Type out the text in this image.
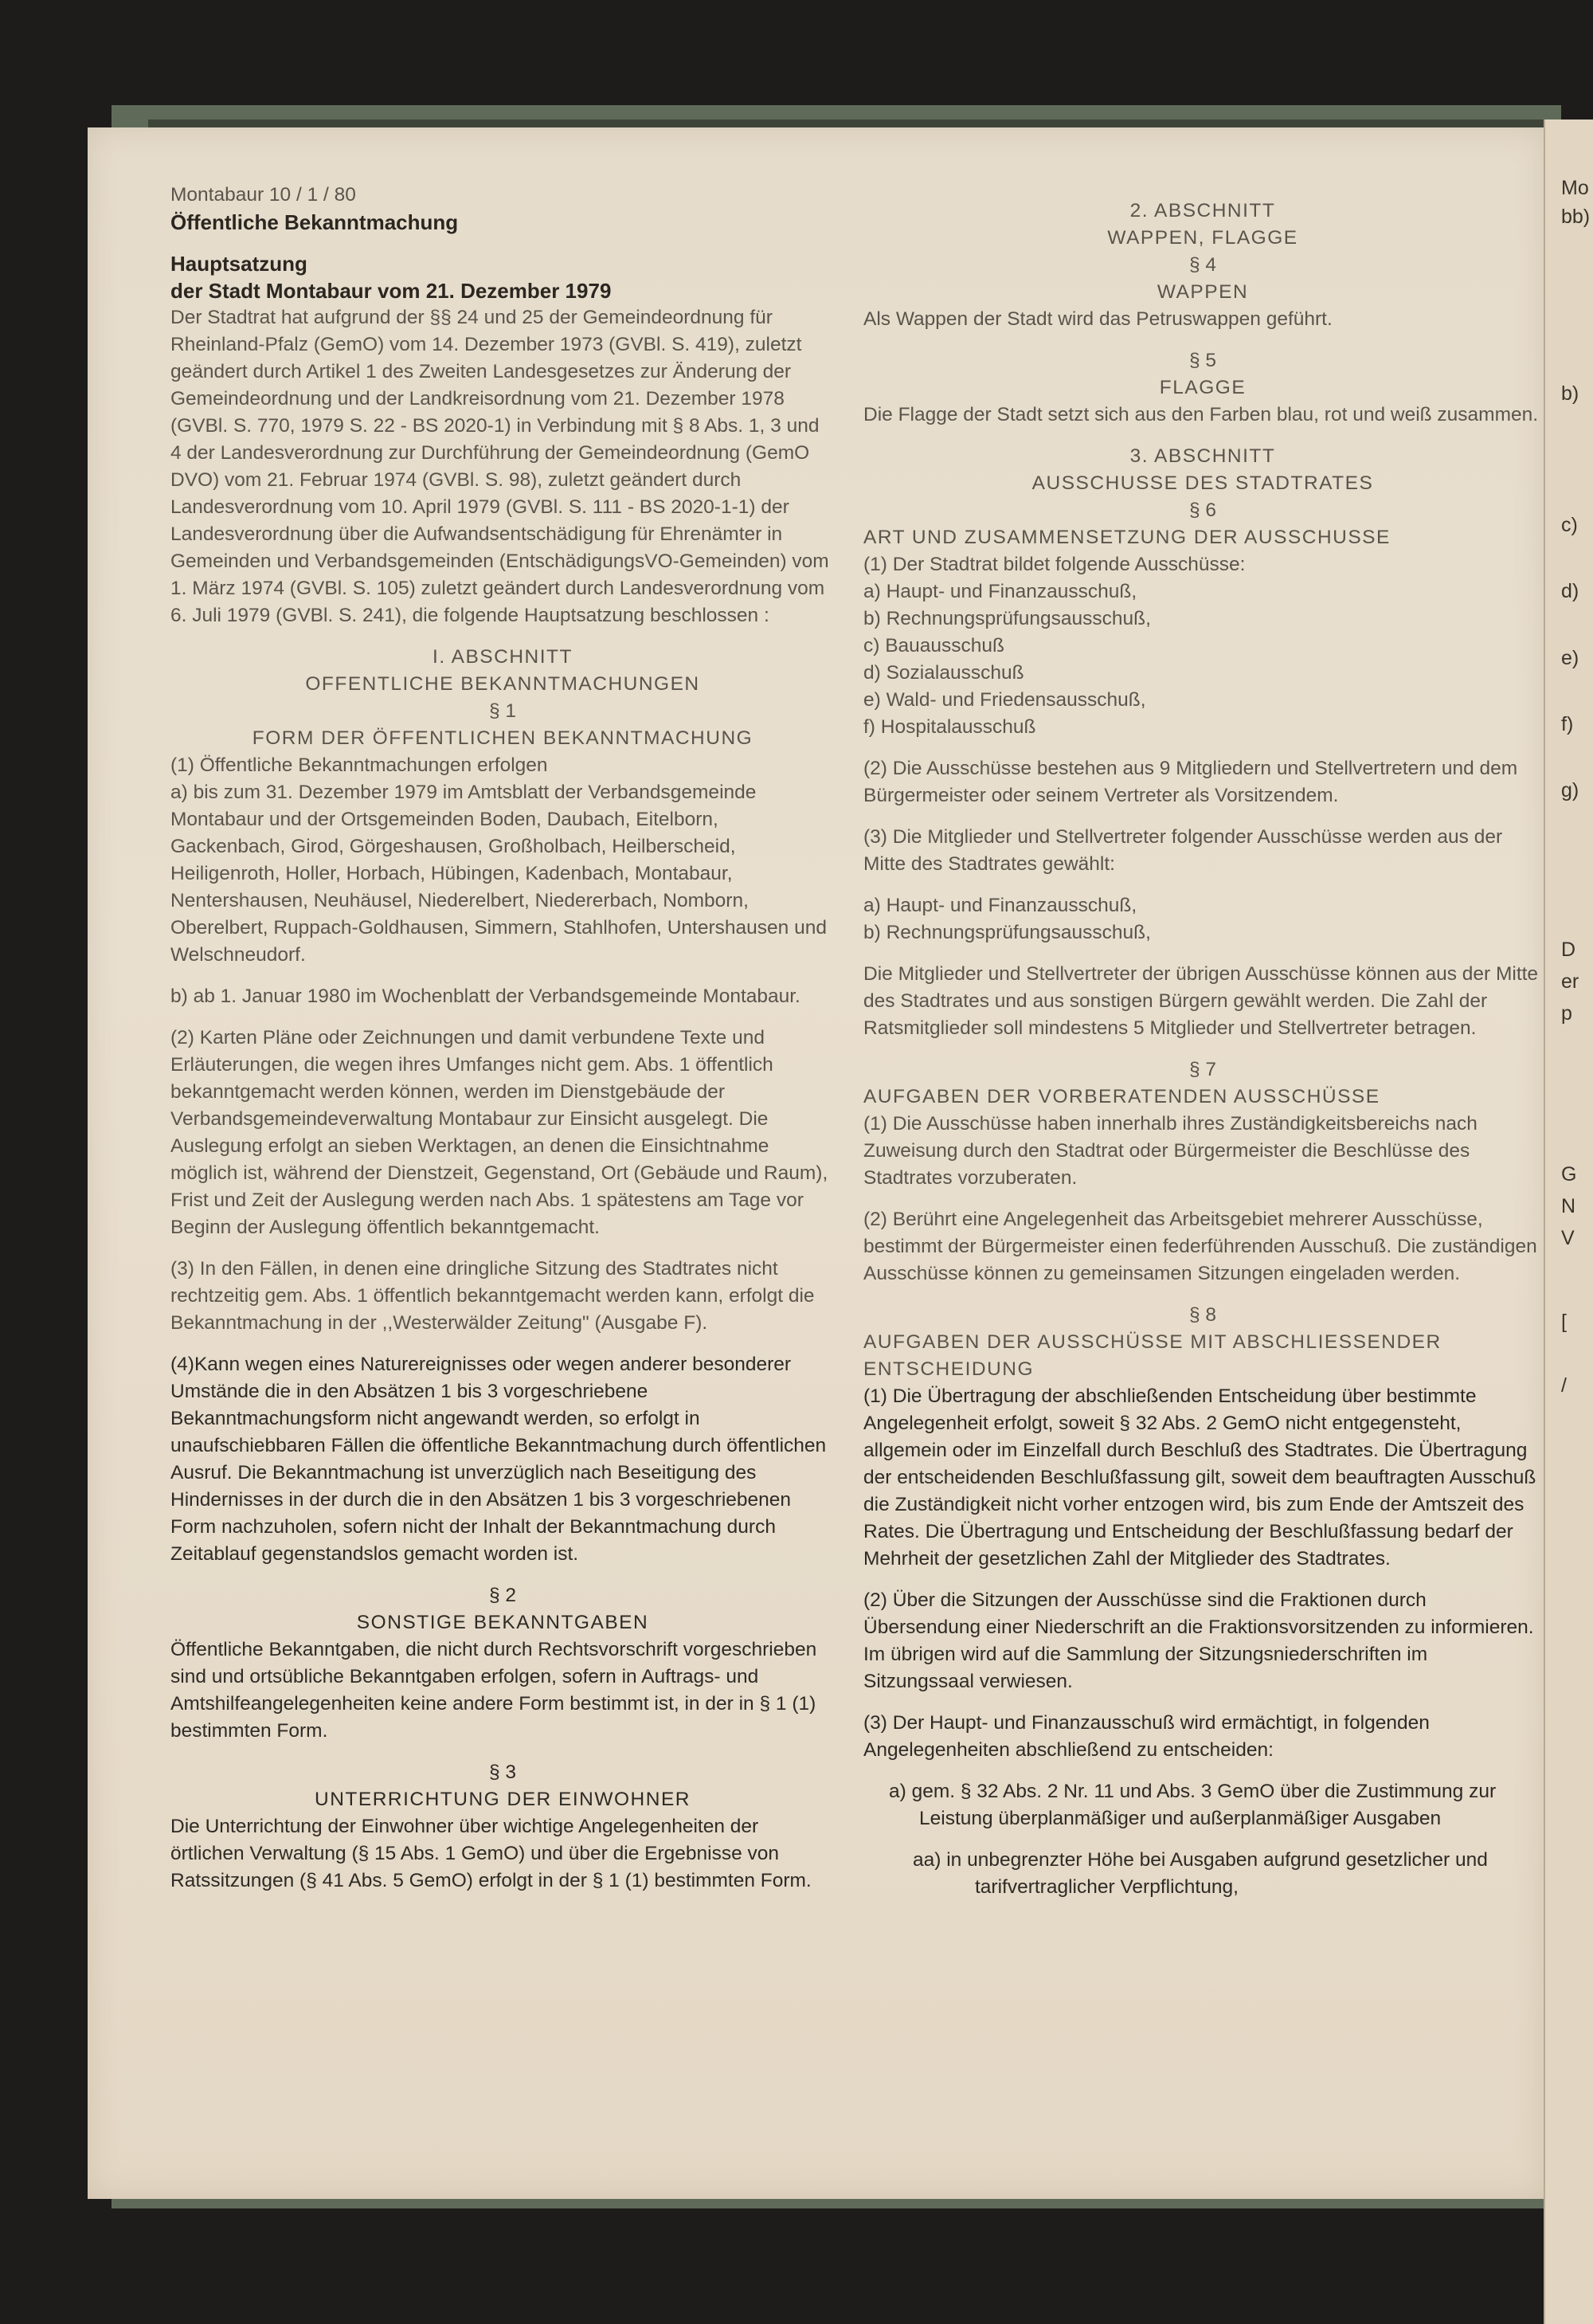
Mo
bb)
b)
c)
d)
e)
f)
g)
D
er
p
G
N
V
[
/

Montabaur 10 / 1 / 80

Öffentliche Bekanntmachung

Hauptsatzung

der Stadt Montabaur vom 21. Dezember 1979

Der Stadtrat hat aufgrund der §§ 24 und 25 der Gemeindeordnung für Rheinland-Pfalz (GemO) vom 14. Dezember 1973 (GVBl. S. 419), zuletzt geändert durch Artikel 1 des Zweiten Landesgesetzes zur Änderung der Gemeindeordnung und der Landkreisordnung vom 21. Dezember 1978 (GVBl. S. 770, 1979 S. 22 - BS 2020-1) in Verbindung mit § 8 Abs. 1, 3 und 4 der Landesverordnung zur Durchführung der Gemeindeordnung (GemO DVO) vom 21. Februar 1974 (GVBl. S. 98), zuletzt geändert durch Landesverordnung vom 10. April 1979 (GVBl. S. 111 - BS 2020-1-1) der Landesverordnung über die Aufwandsentschädigung für Ehrenämter in Gemeinden und Verbandsgemeinden (EntschädigungsVO-Gemeinden) vom 1. März 1974 (GVBl. S. 105) zuletzt geändert durch Landesverordnung vom 6. Juli 1979 (GVBl. S. 241), die folgende Hauptsatzung beschlossen :

I. ABSCHNITT

OFFENTLICHE BEKANNTMACHUNGEN

§ 1

FORM DER ÖFFENTLICHEN BEKANNTMACHUNG

(1) Öffentliche Bekanntmachungen erfolgen

a) bis zum 31. Dezember 1979 im Amtsblatt der Verbandsgemeinde Montabaur und der Ortsgemeinden Boden, Daubach, Eitelborn, Gackenbach, Girod, Görgeshausen, Großholbach, Heilberscheid, Heiligenroth, Holler, Horbach, Hübingen, Kadenbach, Montabaur, Nentershausen, Neuhäusel, Niederelbert, Niedererbach, Nomborn, Oberelbert, Ruppach-Goldhausen, Simmern, Stahlhofen, Untershausen und Welschneudorf.

b) ab 1. Januar 1980 im Wochenblatt der Verbandsgemeinde Montabaur.

(2) Karten Pläne oder Zeichnungen und damit verbundene Texte und Erläuterungen, die wegen ihres Umfanges nicht gem. Abs. 1 öffentlich bekanntgemacht werden können, werden im Dienstgebäude der Verbandsgemeindeverwaltung Montabaur zur Einsicht ausgelegt. Die Auslegung erfolgt an sieben Werktagen, an denen die Einsichtnahme möglich ist, während der Dienstzeit, Gegenstand, Ort (Gebäude und Raum), Frist und Zeit der Auslegung werden nach Abs. 1 spätestens am Tage vor Beginn der Auslegung öffentlich bekanntgemacht.

(3) In den Fällen, in denen eine dringliche Sitzung des Stadtrates nicht rechtzeitig gem. Abs. 1 öffentlich bekanntgemacht werden kann, erfolgt die Bekanntmachung in der ,,Westerwälder Zeitung" (Ausgabe F).

(4)Kann wegen eines Naturereignisses oder wegen anderer besonderer Umstände die in den Absätzen 1 bis 3 vorgeschriebene Bekanntmachungsform nicht angewandt werden, so erfolgt in unaufschiebbaren Fällen die öffentliche Bekanntmachung durch öffentlichen Ausruf. Die Bekanntmachung ist unverzüglich nach Beseitigung des Hindernisses in der durch die in den Absätzen 1 bis 3 vorgeschriebenen Form nachzuholen, sofern nicht der Inhalt der Bekanntmachung durch Zeitablauf gegenstandslos gemacht worden ist.

§ 2

SONSTIGE BEKANNTGABEN

Öffentliche Bekanntgaben, die nicht durch Rechtsvorschrift vorgeschrieben sind und ortsübliche Bekanntgaben erfolgen, sofern in Auftrags- und Amtshilfeangelegenheiten keine andere Form bestimmt ist, in der in § 1 (1) bestimmten Form.

§ 3

UNTERRICHTUNG DER EINWOHNER

Die Unterrichtung der Einwohner über wichtige Angelegenheiten der örtlichen Verwaltung (§ 15 Abs. 1 GemO) und über die Ergebnisse von Ratssitzungen (§ 41 Abs. 5 GemO) erfolgt in der § 1 (1) bestimmten Form.

2. ABSCHNITT

WAPPEN, FLAGGE

§ 4

WAPPEN

Als Wappen der Stadt wird das Petruswappen geführt.

§ 5

FLAGGE

Die Flagge der Stadt setzt sich aus den Farben blau, rot und weiß zusammen.

3. ABSCHNITT

AUSSCHUSSE DES STADTRATES

§ 6

ART UND ZUSAMMENSETZUNG DER AUSSCHUSSE

(1) Der Stadtrat bildet folgende Ausschüsse:

a) Haupt- und Finanzausschuß,

b) Rechnungsprüfungsausschuß,

c) Bauausschuß

d) Sozialausschuß

e) Wald- und Friedensausschuß,

f) Hospitalausschuß

(2) Die Ausschüsse bestehen aus 9 Mitgliedern und Stellvertretern und dem Bürgermeister oder seinem Vertreter als Vorsitzendem.

(3) Die Mitglieder und Stellvertreter folgender Ausschüsse werden aus der Mitte des Stadtrates gewählt:

a) Haupt- und Finanzausschuß,

b) Rechnungsprüfungsausschuß,

Die Mitglieder und Stellvertreter der übrigen Ausschüsse können aus der Mitte des Stadtrates und aus sonstigen Bürgern gewählt werden. Die Zahl der Ratsmitglieder soll mindestens 5 Mitglieder und Stellvertreter betragen.

§ 7

AUFGABEN DER VORBERATENDEN AUSSCHÜSSE

(1) Die Ausschüsse haben innerhalb ihres Zuständigkeitsbereichs nach Zuweisung durch den Stadtrat oder Bürgermeister die Beschlüsse des Stadtrates vorzuberaten.

(2) Berührt eine Angelegenheit das Arbeitsgebiet mehrerer Ausschüsse, bestimmt der Bürgermeister einen federführenden Ausschuß. Die zuständigen Ausschüsse können zu gemeinsamen Sitzungen eingeladen werden.

§ 8

AUFGABEN DER AUSSCHÜSSE MIT ABSCHLIESSENDER ENTSCHEIDUNG

(1) Die Übertragung der abschließenden Entscheidung über bestimmte Angelegenheit erfolgt, soweit § 32 Abs. 2 GemO nicht entgegensteht, allgemein oder im Einzelfall durch Beschluß des Stadtrates. Die Übertragung der entscheidenden Beschlußfassung gilt, soweit dem beauftragten Ausschuß die Zuständigkeit nicht vorher entzogen wird, bis zum Ende der Amtszeit des Rates. Die Übertragung und Entscheidung der Beschlußfassung bedarf der Mehrheit der gesetzlichen Zahl der Mitglieder des Stadtrates.

(2) Über die Sitzungen der Ausschüsse sind die Fraktionen durch Übersendung einer Niederschrift an die Fraktionsvorsitzenden zu informieren. Im übrigen wird auf die Sammlung der Sitzungsniederschriften im Sitzungssaal verwiesen.

(3) Der Haupt- und Finanzausschuß wird ermächtigt, in folgenden Angelegenheiten abschließend zu entscheiden:

a) gem. § 32 Abs. 2 Nr. 11 und Abs. 3 GemO über die Zustimmung zur Leistung überplanmäßiger und außerplanmäßiger Ausgaben

aa) in unbegrenzter Höhe bei Ausgaben aufgrund gesetzlicher und tarifvertraglicher Verpflichtung,
